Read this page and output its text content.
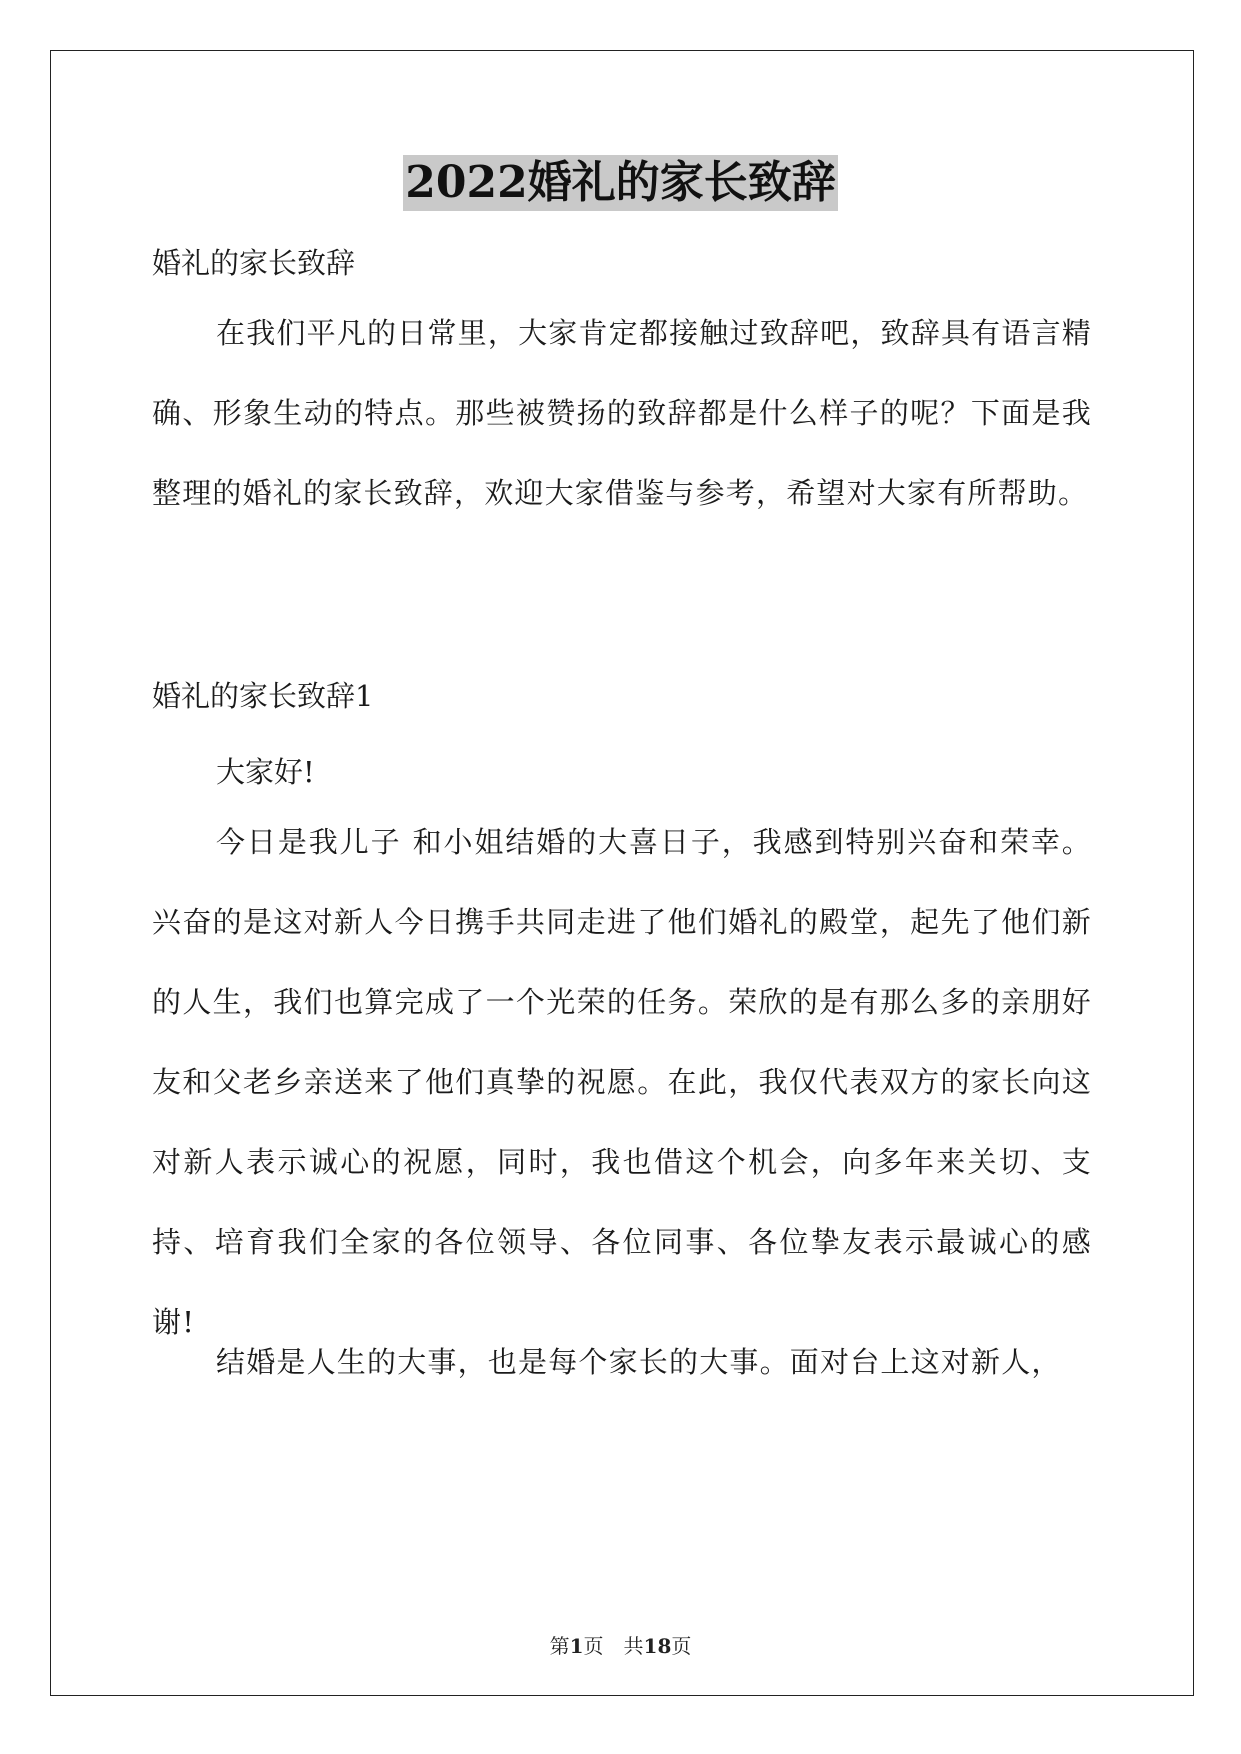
2022婚礼的家长致辞
婚礼的家长致辞

在我们平凡的日常里，大家肯定都接触过致辞吧，致辞具有语言精确、形象生动的特点。那些被赞扬的致辞都是什么样子的呢？下面是我整理的婚礼的家长致辞，欢迎大家借鉴与参考，希望对大家有所帮助。

婚礼的家长致辞1
大家好!

今日是我儿子 和小姐结婚的大喜日子，我感到特别兴奋和荣幸。兴奋的是这对新人今日携手共同走进了他们婚礼的殿堂，起先了他们新的人生，我们也算完成了一个光荣的任务。荣欣的是有那么多的亲朋好友和父老乡亲送来了他们真挚的祝愿。在此，我仅代表双方的家长向这对新人表示诚心的祝愿，同时，我也借这个机会，向多年来关切、支持、培育我们全家的各位领导、各位同事、各位挚友表示最诚心的感谢!

结婚是人生的大事，也是每个家长的大事。面对台上这对新人，

第1页 共18页
